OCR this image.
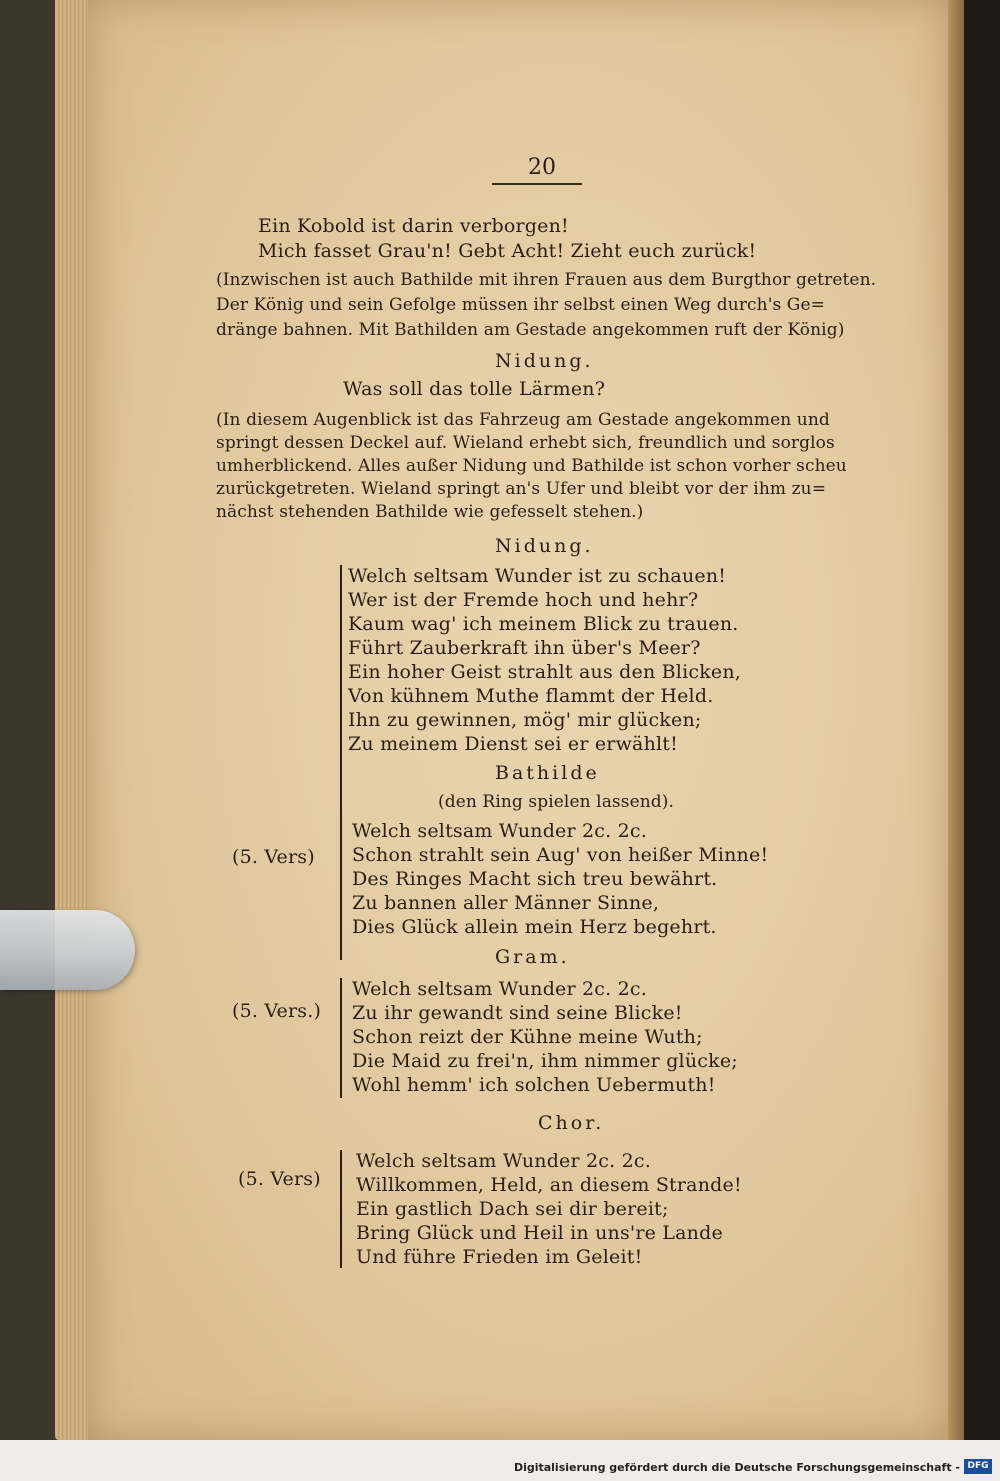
20
Ein Kobold ist darin verborgen!
Mich fasset Grau'n! Gebt Acht! Zieht euch zurück!
(Inzwischen ist auch Bathilde mit ihren Frauen aus dem Burgthor getreten.
Der König und sein Gefolge müssen ihr selbst einen Weg durch's Ge=
dränge bahnen. Mit Bathilden am Gestade angekommen ruft der König)
Nidung.
Was soll das tolle Lärmen?
(In diesem Augenblick ist das Fahrzeug am Gestade angekommen und
springt dessen Deckel auf. Wieland erhebt sich, freundlich und sorglos
umherblickend. Alles außer Nidung und Bathilde ist schon vorher scheu
zurückgetreten. Wieland springt an's Ufer und bleibt vor der ihm zu=
nächst stehenden Bathilde wie gefesselt stehen.)
Nidung.
Welch seltsam Wunder ist zu schauen!
Wer ist der Fremde hoch und hehr?
Kaum wag' ich meinem Blick zu trauen.
Führt Zauberkraft ihn über's Meer?
Ein hoher Geist strahlt aus den Blicken,
Von kühnem Muthe flammt der Held.
Ihn zu gewinnen, mög' mir glücken;
Zu meinem Dienst sei er erwählt!
Bathilde
(den Ring spielen lassend).
Welch seltsam Wunder 2c. 2c.
Schon strahlt sein Aug' von heißer Minne!
Des Ringes Macht sich treu bewährt.
Zu bannen aller Männer Sinne,
Dies Glück allein mein Herz begehrt.
(5. Vers)
Gram.
Welch seltsam Wunder 2c. 2c.
Zu ihr gewandt sind seine Blicke!
Schon reizt der Kühne meine Wuth;
Die Maid zu frei'n, ihm nimmer glücke;
Wohl hemm' ich solchen Uebermuth!
(5. Vers.)
Chor.
Welch seltsam Wunder 2c. 2c.
Willkommen, Held, an diesem Strande!
Ein gastlich Dach sei dir bereit;
Bring Glück und Heil in uns're Lande
Und führe Frieden im Geleit!
(5. Vers)
Digitalisierung gefördert durch die Deutsche Forschungsgemeinschaft - DFG
